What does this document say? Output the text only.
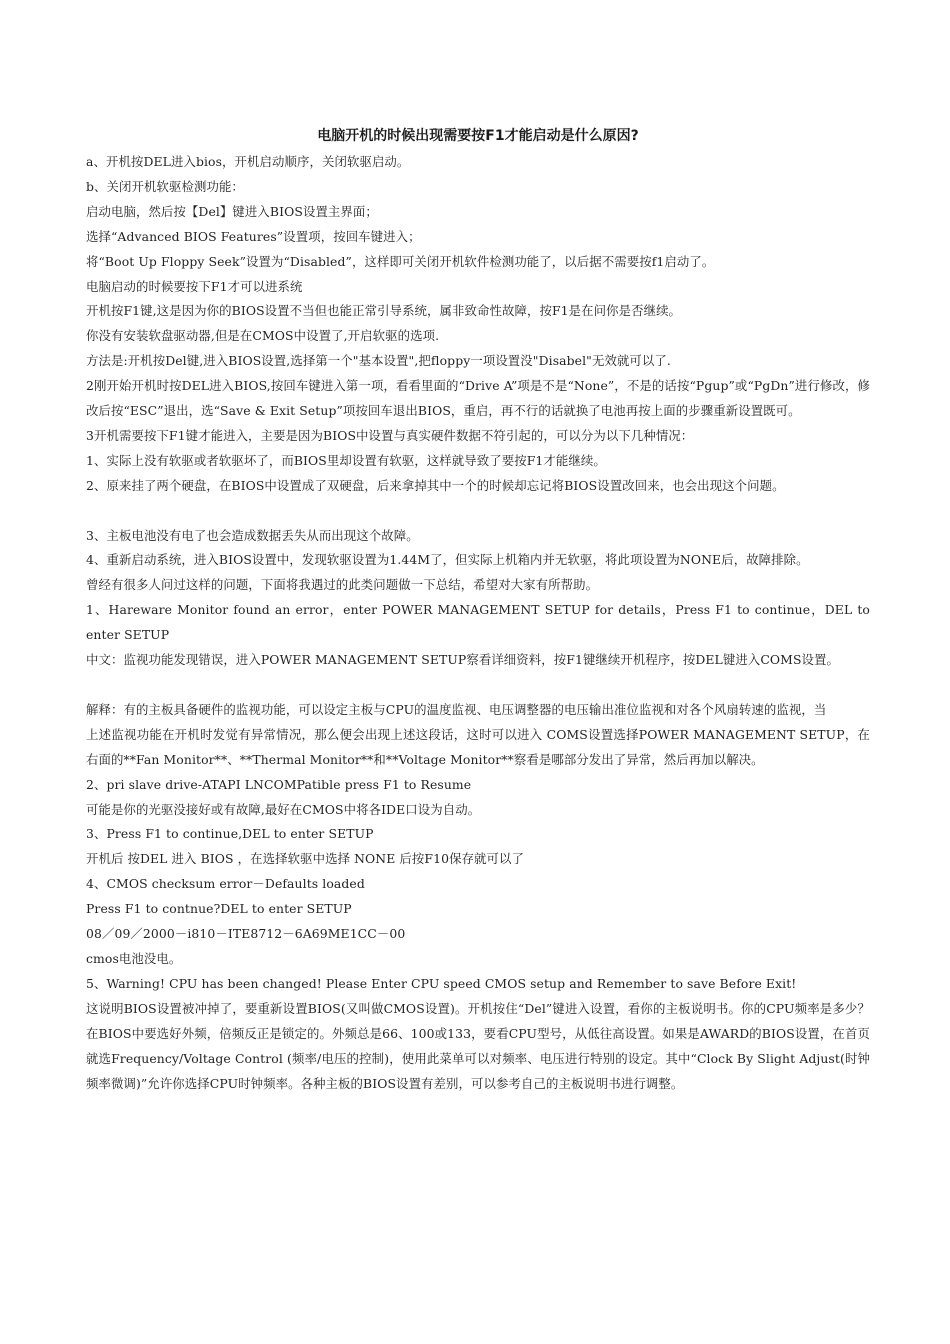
电脑开机的时候出现需要按F1才能启动是什么原因?

a、开机按DEL进入bios，开机启动顺序，关闭软驱启动。

b、关闭开机软驱检测功能：

启动电脑，然后按【Del】键进入BIOS设置主界面；

选择“Advanced BIOS Features”设置项，按回车键进入；

将“Boot Up Floppy Seek”设置为“Disabled”，这样即可关闭开机软件检测功能了，以后据不需要按f1启动了。

电脑启动的时候要按下F1才可以进系统

开机按F1键,这是因为你的BIOS设置不当但也能正常引导系统，属非致命性故障，按F1是在问你是否继续。

你没有安装软盘驱动器,但是在CMOS中设置了,开启软驱的选项.

方法是:开机按Del键,进入BIOS设置,选择第一个"基本设置",把floppy一项设置没"Disabel"无效就可以了.

2刚开始开机时按DEL进入BIOS,按回车键进入第一项，看看里面的“Drive A”项是不是“None”，不是的话按“Pgup”或“PgDn”进行修改，修改后按“ESC”退出，选“Save & Exit Setup”项按回车退出BIOS，重启，再不行的话就换了电池再按上面的步骤重新设置既可。

3开机需要按下F1键才能进入，主要是因为BIOS中设置与真实硬件数据不符引起的，可以分为以下几种情况：

1、实际上没有软驱或者软驱坏了，而BIOS里却设置有软驱，这样就导致了要按F1才能继续。

2、原来挂了两个硬盘，在BIOS中设置成了双硬盘，后来拿掉其中一个的时候却忘记将BIOS设置改回来，也会出现这个问题。

3、主板电池没有电了也会造成数据丢失从而出现这个故障。

4、重新启动系统，进入BIOS设置中，发现软驱设置为1.44M了，但实际上机箱内并无软驱，将此项设置为NONE后，故障排除。

曾经有很多人问过这样的问题，下面将我遇过的此类问题做一下总结，希望对大家有所帮助。

1、Hareware Monitor found an error，enter POWER MANAGEMENT SETUP for details，Press F1 to continue，DEL to enter SETUP

中文：监视功能发现错误，进入POWER MANAGEMENT SETUP察看详细资料，按F1键继续开机程序，按DEL键进入COMS设置。

解释：有的主板具备硬件的监视功能，可以设定主板与CPU的温度监视、电压调整器的电压输出准位监视和对各个风扇转速的监视，当

上述监视功能在开机时发觉有异常情况，那么便会出现上述这段话，这时可以进入 COMS设置选择POWER MANAGEMENT SETUP，在右面的**Fan Monitor**、**Thermal Monitor**和**Voltage Monitor**察看是哪部分发出了异常，然后再加以解决。

2、pri slave drive-ATAPI LNCOMPatible press F1 to Resume

可能是你的光驱没接好或有故障,最好在CMOS中将各IDE口设为自动。

3、Press F1 to continue,DEL to enter SETUP

开机后 按DEL 进入 BIOS ，在选择软驱中选择 NONE 后按F10保存就可以了

4、CMOS checksum error－Defaults loaded

Press F1 to contnue?DEL to enter SETUP

08／09／2000－i810－ITE8712－6A69ME1CC－00

cmos电池没电。

5、Warning! CPU has been changed! Please Enter CPU speed CMOS setup and Remember to save Before Exit!

这说明BIOS设置被冲掉了，要重新设置BIOS(又叫做CMOS设置)。开机按住“Del”键进入设置，看你的主板说明书。你的CPU频率是多少？在BIOS中要选好外频，倍频反正是锁定的。外频总是66、100或133，要看CPU型号，从低往高设置。如果是AWARD的BIOS设置，在首页就选Frequency/Voltage Control (频率/电压的控制)，使用此菜单可以对频率、电压进行特别的设定。其中“Clock By Slight Adjust(时钟频率微调)”允许你选择CPU时钟频率。各种主板的BIOS设置有差别，可以参考自己的主板说明书进行调整。
